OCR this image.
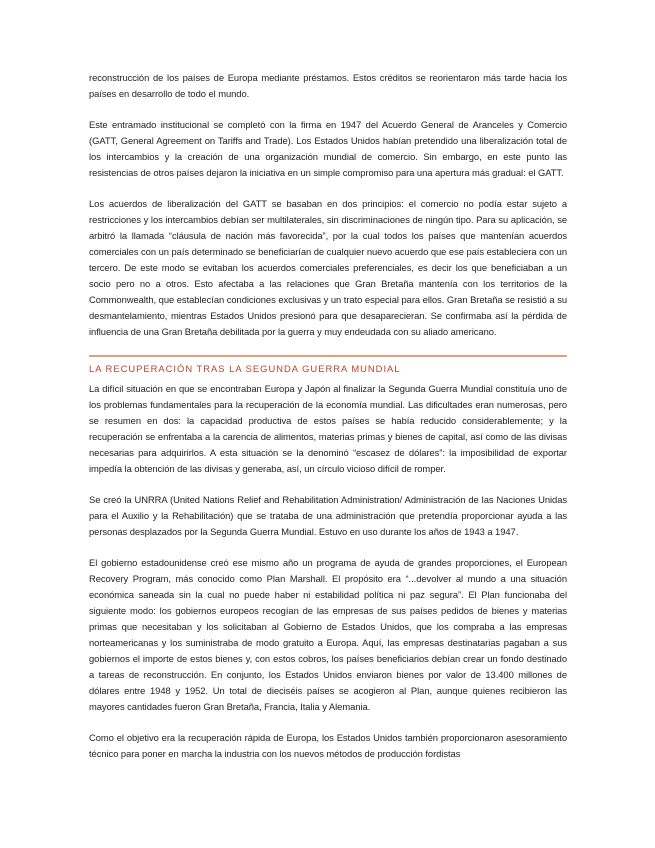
reconstrucción de los países de Europa mediante préstamos. Estos créditos se reorientaron más tarde hacia los países en desarrollo de todo el mundo.

Este entramado institucional se completó con la firma en 1947 del Acuerdo General de Aranceles y Comercio (GATT, General Agreement on Tariffs and Trade). Los Estados Unidos habían pretendido una liberalización total de los intercambios y la creación de una organización mundial de comercio. Sin embargo, en este punto las resistencias de otros países dejaron la iniciativa en un simple compromiso para una apertura más gradual: el GATT.

Los acuerdos de liberalización del GATT se basaban en dos principios: el comercio no podía estar sujeto a restricciones y los intercambios debían ser multilaterales, sin discriminaciones de ningún tipo. Para su aplicación, se arbitró la llamada “cláusula de nación más favorecida”, por la cual todos los países que mantenían acuerdos comerciales con un país determinado se beneficiarían de cualquier nuevo acuerdo que ese país estableciera con un tercero. De este modo se evitaban los acuerdos comerciales preferenciales, es decir los que beneficiaban a un socio pero no a otros. Esto afectaba a las relaciones que Gran Bretaña mantenía con los territorios de la Commonwealth, que establecían condiciones exclusivas y un trato especial para ellos. Gran Bretaña se resistió a su desmantelamiento, mientras Estados Unidos presionó para que desaparecieran. Se confirmaba así la pérdida de influencia de una Gran Bretaña debilitada por la guerra y muy endeudada con su aliado americano.

LA RECUPERACIÓN TRAS LA SEGUNDA GUERRA MUNDIAL

La difícil situación en que se encontraban Europa y Japón al finalizar la Segunda Guerra Mundial constituía uno de los problemas fundamentales para la recuperación de la economía mundial. Las dificultades eran numerosas, pero se resumen en dos: la capacidad productiva de estos países se había reducido considerablemente; y la recuperación se enfrentaba a la carencia de alimentos, materias primas y bienes de capital, así como de las divisas necesarias para adquirirlos. A esta situación se la denominó “escasez de dólares”: la imposibilidad de exportar impedía la obtención de las divisas y generaba, así, un círculo vicioso difícil de romper.

Se creó la UNRRA (United Nations Relief and Rehabilitation Administration/ Administración de las Naciones Unidas para el Auxilio y la Rehabilitación) que se trataba de una administración que pretendía proporcionar ayuda a las personas desplazados por la Segunda Guerra Mundial. Estuvo en uso durante los años de 1943 a 1947.

El gobierno estadounidense creó ese mismo año un programa de ayuda de grandes proporciones, el European Recovery Program, más conocido como Plan Marshall. El propósito era “...devolver al mundo a una situación económica saneada sin la cual no puede haber ni estabilidad política ni paz segura”. El Plan funcionaba del siguiente modo: los gobiernos europeos recogían de las empresas de sus países pedidos de bienes y materias primas que necesitaban y los solicitaban al Gobierno de Estados Unidos, que los compraba a las empresas norteamericanas y los suministraba de modo gratuito a Europa. Aquí, las empresas destinatarias pagaban a sus gobiernos el importe de estos bienes y, con estos cobros, los países beneficiarios debían crear un fondo destinado a tareas de reconstrucción. En conjunto, los Estados Unidos enviaron bienes por valor de 13.400 millones de dólares entre 1948 y 1952. Un total de dieciséis países se acogieron al Plan, aunque quienes recibieron las mayores cantidades fueron Gran Bretaña, Francia, Italia y Alemania.

Como el objetivo era la recuperación rápida de Europa, los Estados Unidos también proporcionaron asesoramiento técnico para poner en marcha la industria con los nuevos métodos de producción fordistas
